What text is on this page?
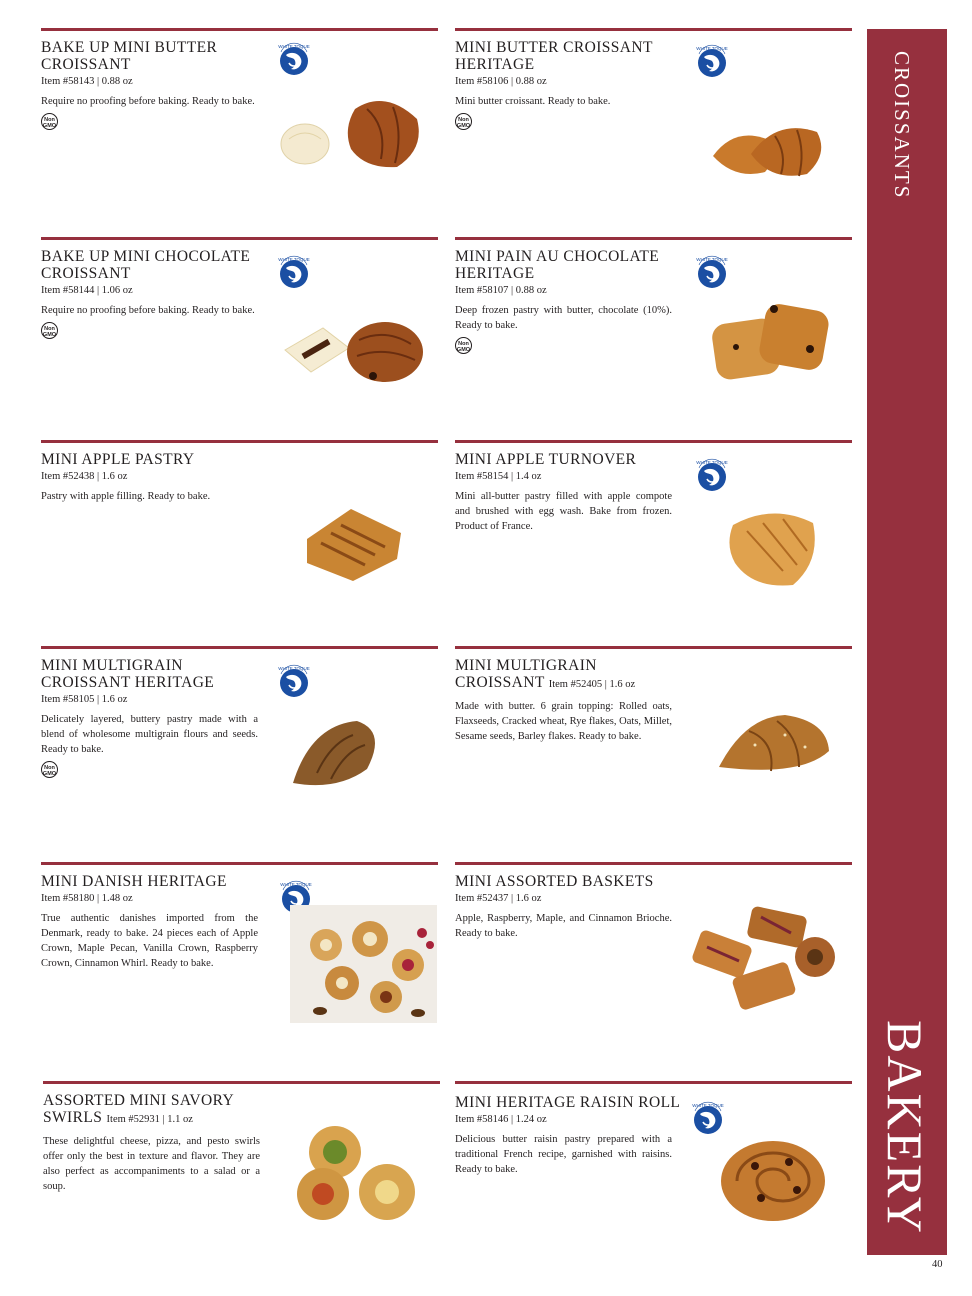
BAKE UP MINI BUTTER CROISSANT
Item #58143 | 0.88 oz
Require no proofing before baking. Ready to bake.
Non GMO
MINI BUTTER CROISSANT HERITAGE
Item #58106 | 0.88 oz
Mini butter croissant. Ready to bake.
Non GMO
BAKE UP MINI CHOCOLATE CROISSANT
Item #58144 | 1.06 oz
Require no proofing before baking. Ready to bake.
Non GMO
MINI PAIN AU CHOCOLATE HERITAGE
Item #58107 | 0.88 oz
Deep frozen pastry with butter, chocolate (10%). Ready to bake.
Non GMO
MINI APPLE PASTRY
Item #52438 | 1.6 oz
Pastry with apple filling. Ready to bake.
MINI APPLE TURNOVER
Item #58154 | 1.4 oz
Mini all-butter pastry filled with apple compote and brushed with egg wash. Bake from frozen. Product of France.
MINI MULTIGRAIN CROISSANT HERITAGE
Item #58105 | 1.6 oz
Delicately layered, buttery pastry made with a blend of wholesome multigrain flours and seeds. Ready to bake.
Non GMO
MINI MULTIGRAIN CROISSANT Item #52405 | 1.6 oz
Made with butter. 6 grain topping: Rolled oats, Flaxseeds, Cracked wheat, Rye flakes, Oats, Millet, Sesame seeds, Barley flakes. Ready to bake.
MINI DANISH HERITAGE
Item #58180 | 1.48 oz
True authentic danishes imported from the Denmark, ready to bake. 24 pieces each of Apple Crown, Maple Pecan, Vanilla Crown, Raspberry Crown, Cinnamon Whirl. Ready to bake.
MINI ASSORTED BASKETS
Item #52437 | 1.6 oz
Apple, Raspberry, Maple, and Cinnamon Brioche. Ready to bake.
ASSORTED MINI SAVORY SWIRLS Item #52931 | 1.1 oz
These delightful cheese, pizza, and pesto swirls offer only the best in texture and flavor. They are also perfect as accompaniments to a salad or a soup.
MINI HERITAGE RAISIN ROLL
Item #58146 | 1.24 oz
Delicious butter raisin pastry prepared with a traditional French recipe, garnished with raisins. Ready to bake.
CROISSANTS
BAKERY
40
